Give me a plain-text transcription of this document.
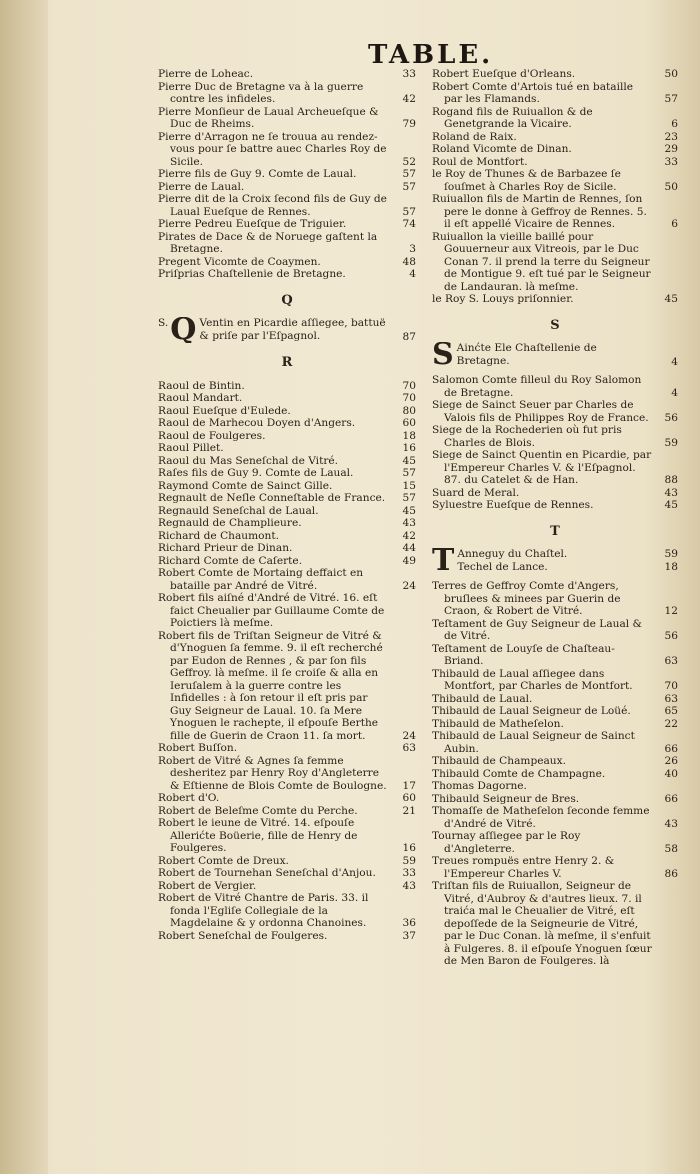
TABLE.
Pierre de Loheac.	33
Pierre Duc de Bretagne va à la guerre contre les infideles.	42
Pierre Monſieur de Laual Archeueſque & Duc de Rheims.	79
Pierre d'Arragon ne ſe trouua au rendez-vous pour ſe battre auec Charles Roy de Sicile.	52
Pierre fils de Guy 9. Comte de Laual.	57
Pierre de Laual.	57
Pierre dit de la Croix ſecond fils de Guy de Laual Eueſque de Rennes.	57
Pierre Pedreu Eueſque de Triguier.	74
Pirates de Dace & de Noruege gaſtent la Bretagne.	3
Pregent Vicomte de Coaymen.	48
Priſprias Chaſtellenie de Bretagne.	4
Q
S. Q Ventin en Picardie aſſiegee, battuë & priſe par l'Eſpagnol.	87
R
Raoul de Bintin.	70
Raoul Mandart.	70
Raoul Eueſque d'Eulede.	80
Raoul de Marhecou Doyen d'Angers.	60
Raoul de Foulgeres.	18
Raoul Pillet.	16
Raoul du Mas Seneſchal de Vitré.	45
Raſes fils de Guy 9. Comte de Laual.	57
Raymond Comte de Sainct Gille.	15
Regnault de Neſle Conneſtable de France.	57
Regnauld Seneſchal de Laual.	45
Regnauld de Champlieure.	43
Richard de Chaumont.	42
Richard Prieur de Dinan.	44
Richard Comte de Caſerte.	49
Robert Comte de Mortaing deffaict en bataille par André de Vitré.	24
Robert fils aiſné d'André de Vitré. 16. eſt faict Cheualier par Guillaume Comte de Poictiers là meſme.
Robert fils de Triſtan Seigneur de Vitré & d'Ynoguen ſa femme. 9. il eſt recherché par Eudon de Rennes , & par ſon fils Geffroy. là meſme. il ſe croiſe & alla en Ieruſalem à la guerre contre les Infidelles : à ſon retour il eſt pris par Guy Seigneur de Laual. 10. ſa Mere Ynoguen le rachepte, il eſpouſe Berthe fille de Guerin de Craon 11. ſa mort.	24
Robert Buſſon.	63
Robert de Vitré & Agnes ſa femme desheritez par Henry Roy d'Angleterre & Eſtienne de Blois Comte de Boulogne.	17
Robert d'O.	60
Robert de Beleſme Comte du Perche.	21
Robert le ieune de Vitré. 14. eſpouſe Allerićte Boüerie, fille de Henry de Foulgeres.	16
Robert Comte de Dreux.	59
Robert de Tournehan Seneſchal d'Anjou.	33
Robert de Vergier.	43
Robert de Vitré Chantre de Paris. 33. il fonda l'Egliſe Collegiale de la Magdelaine & y ordonna Chanoines.	36
Robert Seneſchal de Foulgeres.	37
Robert Eueſque d'Orleans.	50
Robert Comte d'Artois tué en bataille par les Flamands.	57
Rogand fils de Ruiuallon & de Genetgrande la Vicaire.	6
Roland de Raix.	23
Roland Vicomte de Dinan.	29
Roul de Montfort.	33
le Roy de Thunes & de Barbazee ſe ſouſmet à Charles Roy de Sicile.	50
Ruiuallon fils de Martin de Rennes, ſon pere le donne à Geffroy de Rennes. 5. il eſt appellé Vicaire de Rennes.	6
Ruiuallon la vieille baillé pour Gouuerneur aux Vitreois, par le Duc Conan 7. il prend la terre du Seigneur de Montigue 9. eſt tué par le Seigneur de Landauran. là meſme.
le Roy S. Louys priſonnier.	45
S
S Ainćte Ele Chaſtellenie de Bretagne.	4
Salomon Comte filleul du Roy Salomon de Bretagne.	4
Siege de Sainct Seuer par Charles de Valois fils de Philippes Roy de France.	56
Siege de la Rochederien où fut pris Charles de Blois.	59
Siege de Sainct Quentin en Picardie, par l'Empereur Charles V. & l'Eſpagnol. 87. du Catelet & de Han.	88
Suard de Meral.	43
Syluestre Eueſque de Rennes.	45
T
T Anneguy du Chaſtel.	59
Techel de Lance.	18
Terres de Geffroy Comte d'Angers, bruſlees & minees par Guerin de Craon, & Robert de Vitré.	12
Teſtament de Guy Seigneur de Laual & de Vitré.	56
Teſtament de Louyſe de Chaſteau-Briand.	63
Thibauld de Laual aſſiegee dans Montfort, par Charles de Montfort.	70
Thibauld de Laual.	63
Thibauld de Laual Seigneur de Loüé.	65
Thibauld de Matheſelon.	22
Thibauld de Laual Seigneur de Sainct Aubin.	66
Thibauld de Champeaux.	26
Thibauld Comte de Champagne.	40
Thomas Dagorne.
Thibauld Seigneur de Bres.	66
Thomaſſe de Matheſelon ſeconde femme d'André de Vitré.	43
Tournay aſſiegee par le Roy d'Angleterre.	58
Treues rompuës entre Henry 2. & l'Empereur Charles V.	86
Triſtan fils de Ruiuallon, Seigneur de Vitré, d'Aubroy & d'autres lieux. 7. il traića mal le Cheualier de Vitré, eſt depoſſede de la Seigneurie de Vitré, par le Duc Conan. là meſme, il s'enfuit à Fulgeres. 8. il eſpouſe Ynoguen ſœur de Men Baron de Foulgeres. là
